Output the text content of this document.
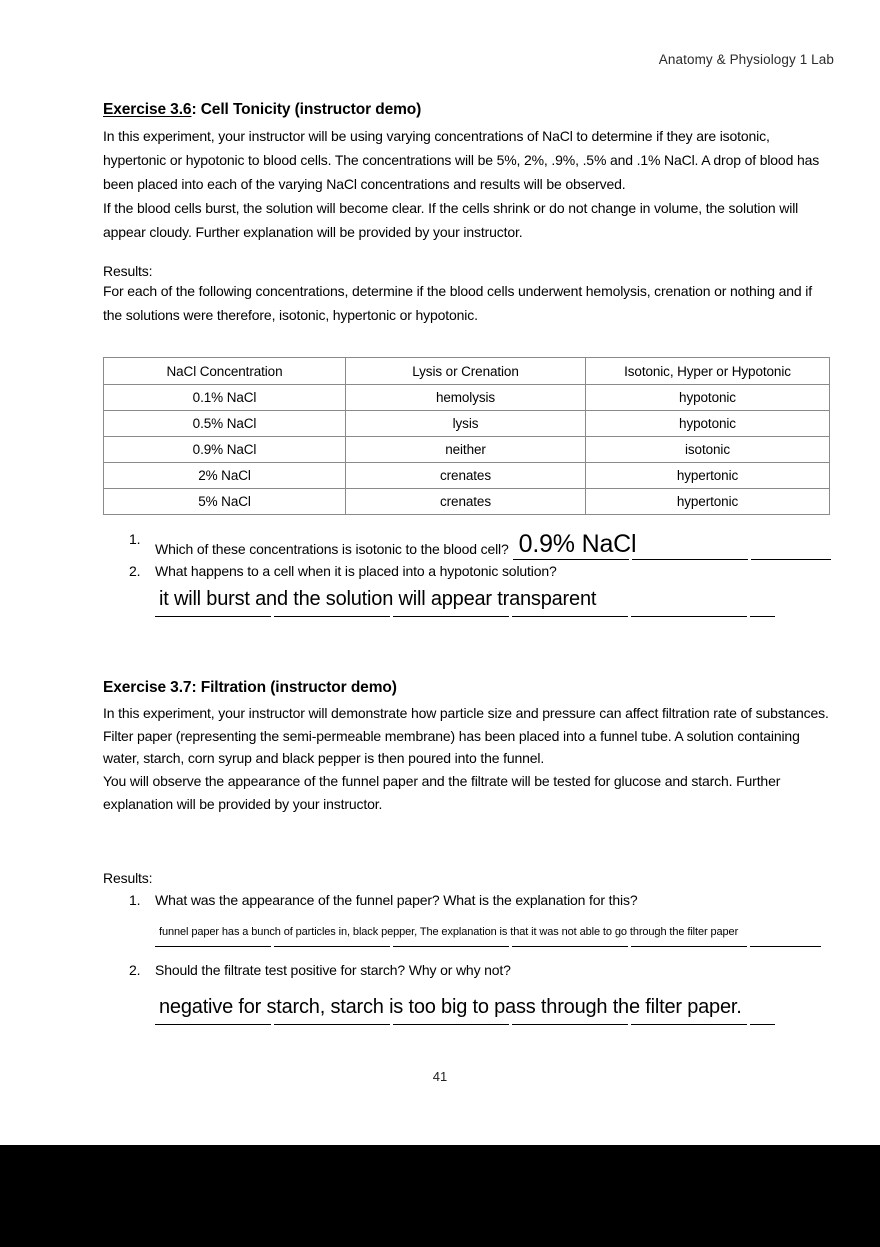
Anatomy & Physiology 1 Lab
Exercise 3.6: Cell Tonicity (instructor demo)

In this experiment, your instructor will be using varying concentrations of NaCl to determine if they are isotonic, hypertonic or hypotonic to blood cells. The concentrations will be 5%, 2%, .9%, .5% and .1% NaCl. A drop of blood has been placed into each of the varying NaCl concentrations and results will be observed.

If the blood cells burst, the solution will become clear. If the cells shrink or do not change in volume, the solution will appear cloudy. Further explanation will be provided by your instructor.

Results:

For each of the following concentrations, determine if the blood cells underwent hemolysis, crenation or nothing and if the solutions were therefore, isotonic, hypertonic or hypotonic.

NaCl Concentration	Lysis or Crenation	Isotonic, Hyper or Hypotonic
0.1% NaCl	hemolysis	hypotonic
0.5% NaCl	lysis	hypotonic
0.9% NaCl	neither	isotonic
2% NaCl	crenates	hypertonic
5% NaCl	crenates	hypertonic
Which of these concentrations is isotonic to the blood cell? 0.9% NaCl
What happens to a cell when it is placed into a hypotonic solution?
it will burst and the solution will appear transparent
Exercise 3.7: Filtration (instructor demo)

In this experiment, your instructor will demonstrate how particle size and pressure can affect filtration rate of substances.

Filter paper (representing the semi-permeable membrane) has been placed into a funnel tube. A solution containing water, starch, corn syrup and black pepper is then poured into the funnel.

You will observe the appearance of the funnel paper and the filtrate will be tested for glucose and starch. Further explanation will be provided by your instructor.

Results:

What was the appearance of the funnel paper? What is the explanation for this?
funnel paper has a bunch of particles in, black pepper, The explanation is that it was not able to go through the filter paper
Should the filtrate test positive for starch? Why or why not?
negative for starch, starch is too big to pass through the filter paper.
41
